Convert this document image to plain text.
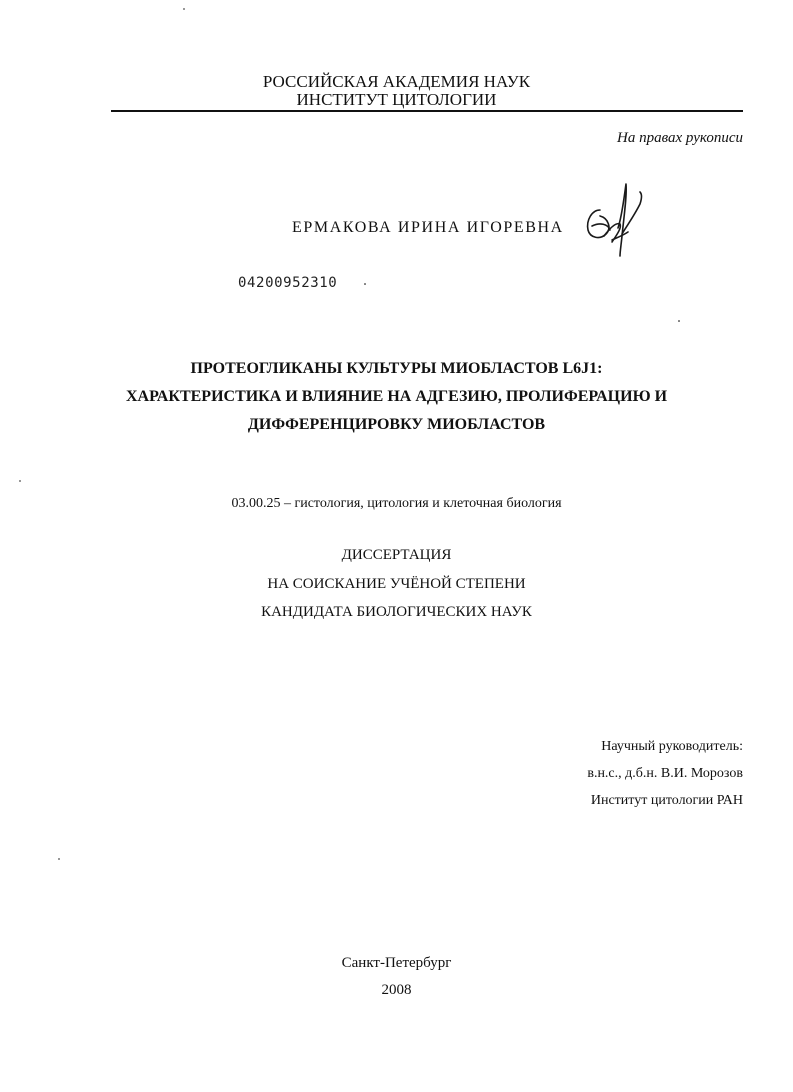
РОССИЙСКАЯ АКАДЕМИЯ НАУК
ИНСТИТУТ ЦИТОЛОГИИ
На правах рукописи
ЕРМАКОВА ИРИНА ИГОРЕВНА
04200952310
ПРОТЕОГЛИКАНЫ КУЛЬТУРЫ МИОБЛАСТОВ L6J1:
ХАРАКТЕРИСТИКА И ВЛИЯНИЕ НА АДГЕЗИЮ, ПРОЛИФЕРАЦИЮ И
ДИФФЕРЕНЦИРОВКУ МИОБЛАСТОВ
03.00.25 – гистология, цитология и клеточная биология
ДИССЕРТАЦИЯ
НА СОИСКАНИЕ УЧЁНОЙ СТЕПЕНИ
КАНДИДАТА БИОЛОГИЧЕСКИХ НАУК
Научный руководитель:
в.н.с., д.б.н. В.И. Морозов
Институт цитологии РАН
Санкт-Петербург
2008
